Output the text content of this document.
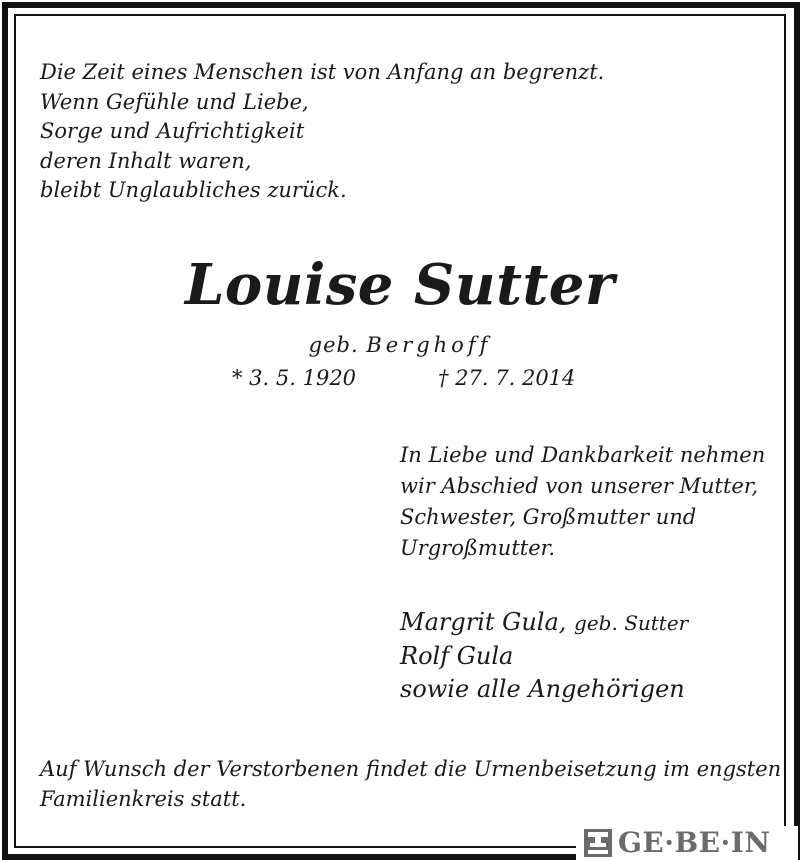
Die Zeit eines Menschen ist von Anfang an begrenzt.
Wenn Gefühle und Liebe,
Sorge und Aufrichtigkeit
deren Inhalt waren,
bleibt Unglaubliches zurück.
Louise Sutter
geb. Berghoff
* 3. 5. 1920	† 27. 7. 2014
In Liebe und Dankbarkeit nehmen
wir Abschied von unserer Mutter,
Schwester, Großmutter und
Urgroßmutter.
Margrit Gula, geb. Sutter
Rolf Gula
sowie alle Angehörigen
Auf Wunsch der Verstorbenen findet die Urnenbeisetzung im engsten
Familienkreis statt.
GE·BE·IN
